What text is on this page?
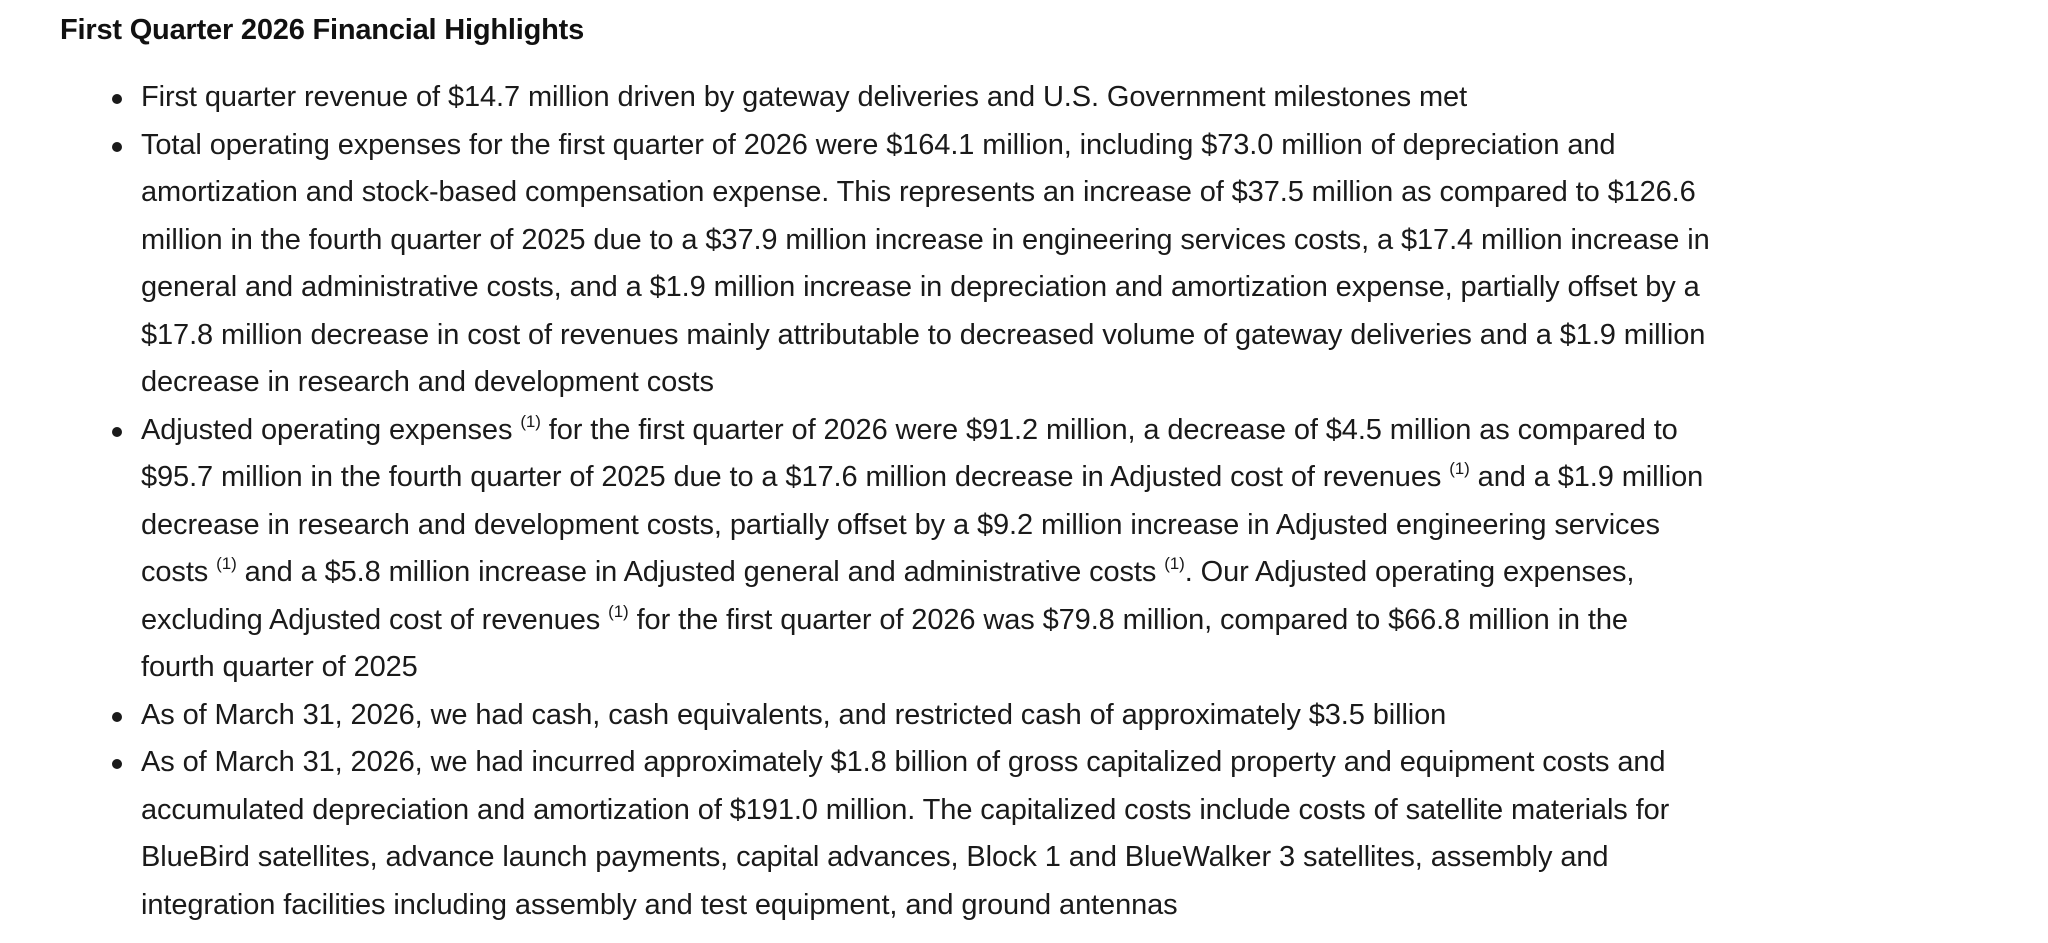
First Quarter 2026 Financial Highlights
First quarter revenue of $14.7 million driven by gateway deliveries and U.S. Government milestones met
Total operating expenses for the first quarter of 2026 were $164.1 million, including $73.0 million of depreciation and
amortization and stock-based compensation expense. This represents an increase of $37.5 million as compared to $126.6
million in the fourth quarter of 2025 due to a $37.9 million increase in engineering services costs, a $17.4 million increase in
general and administrative costs, and a $1.9 million increase in depreciation and amortization expense, partially offset by a
$17.8 million decrease in cost of revenues mainly attributable to decreased volume of gateway deliveries and a $1.9 million
decrease in research and development costs
Adjusted operating expenses $^{(1)}$ for the first quarter of 2026 were $91.2 million, a decrease of $4.5 million as compared to
$95.7 million in the fourth quarter of 2025 due to a $17.6 million decrease in Adjusted cost of revenues $^{(1)}$ and a $1.9 million
decrease in research and development costs, partially offset by a $9.2 million increase in Adjusted engineering services
costs $^{(1)}$ and a $5.8 million increase in Adjusted general and administrative costs $^{(1)}$. Our Adjusted operating expenses,
excluding Adjusted cost of revenues $^{(1)}$ for the first quarter of 2026 was $79.8 million, compared to $66.8 million in the
fourth quarter of 2025
As of March 31, 2026, we had cash, cash equivalents, and restricted cash of approximately $3.5 billion
As of March 31, 2026, we had incurred approximately $1.8 billion of gross capitalized property and equipment costs and
accumulated depreciation and amortization of $191.0 million. The capitalized costs include costs of satellite materials for
BlueBird satellites, advance launch payments, capital advances, Block 1 and BlueWalker 3 satellites, assembly and
integration facilities including assembly and test equipment, and ground antennas
